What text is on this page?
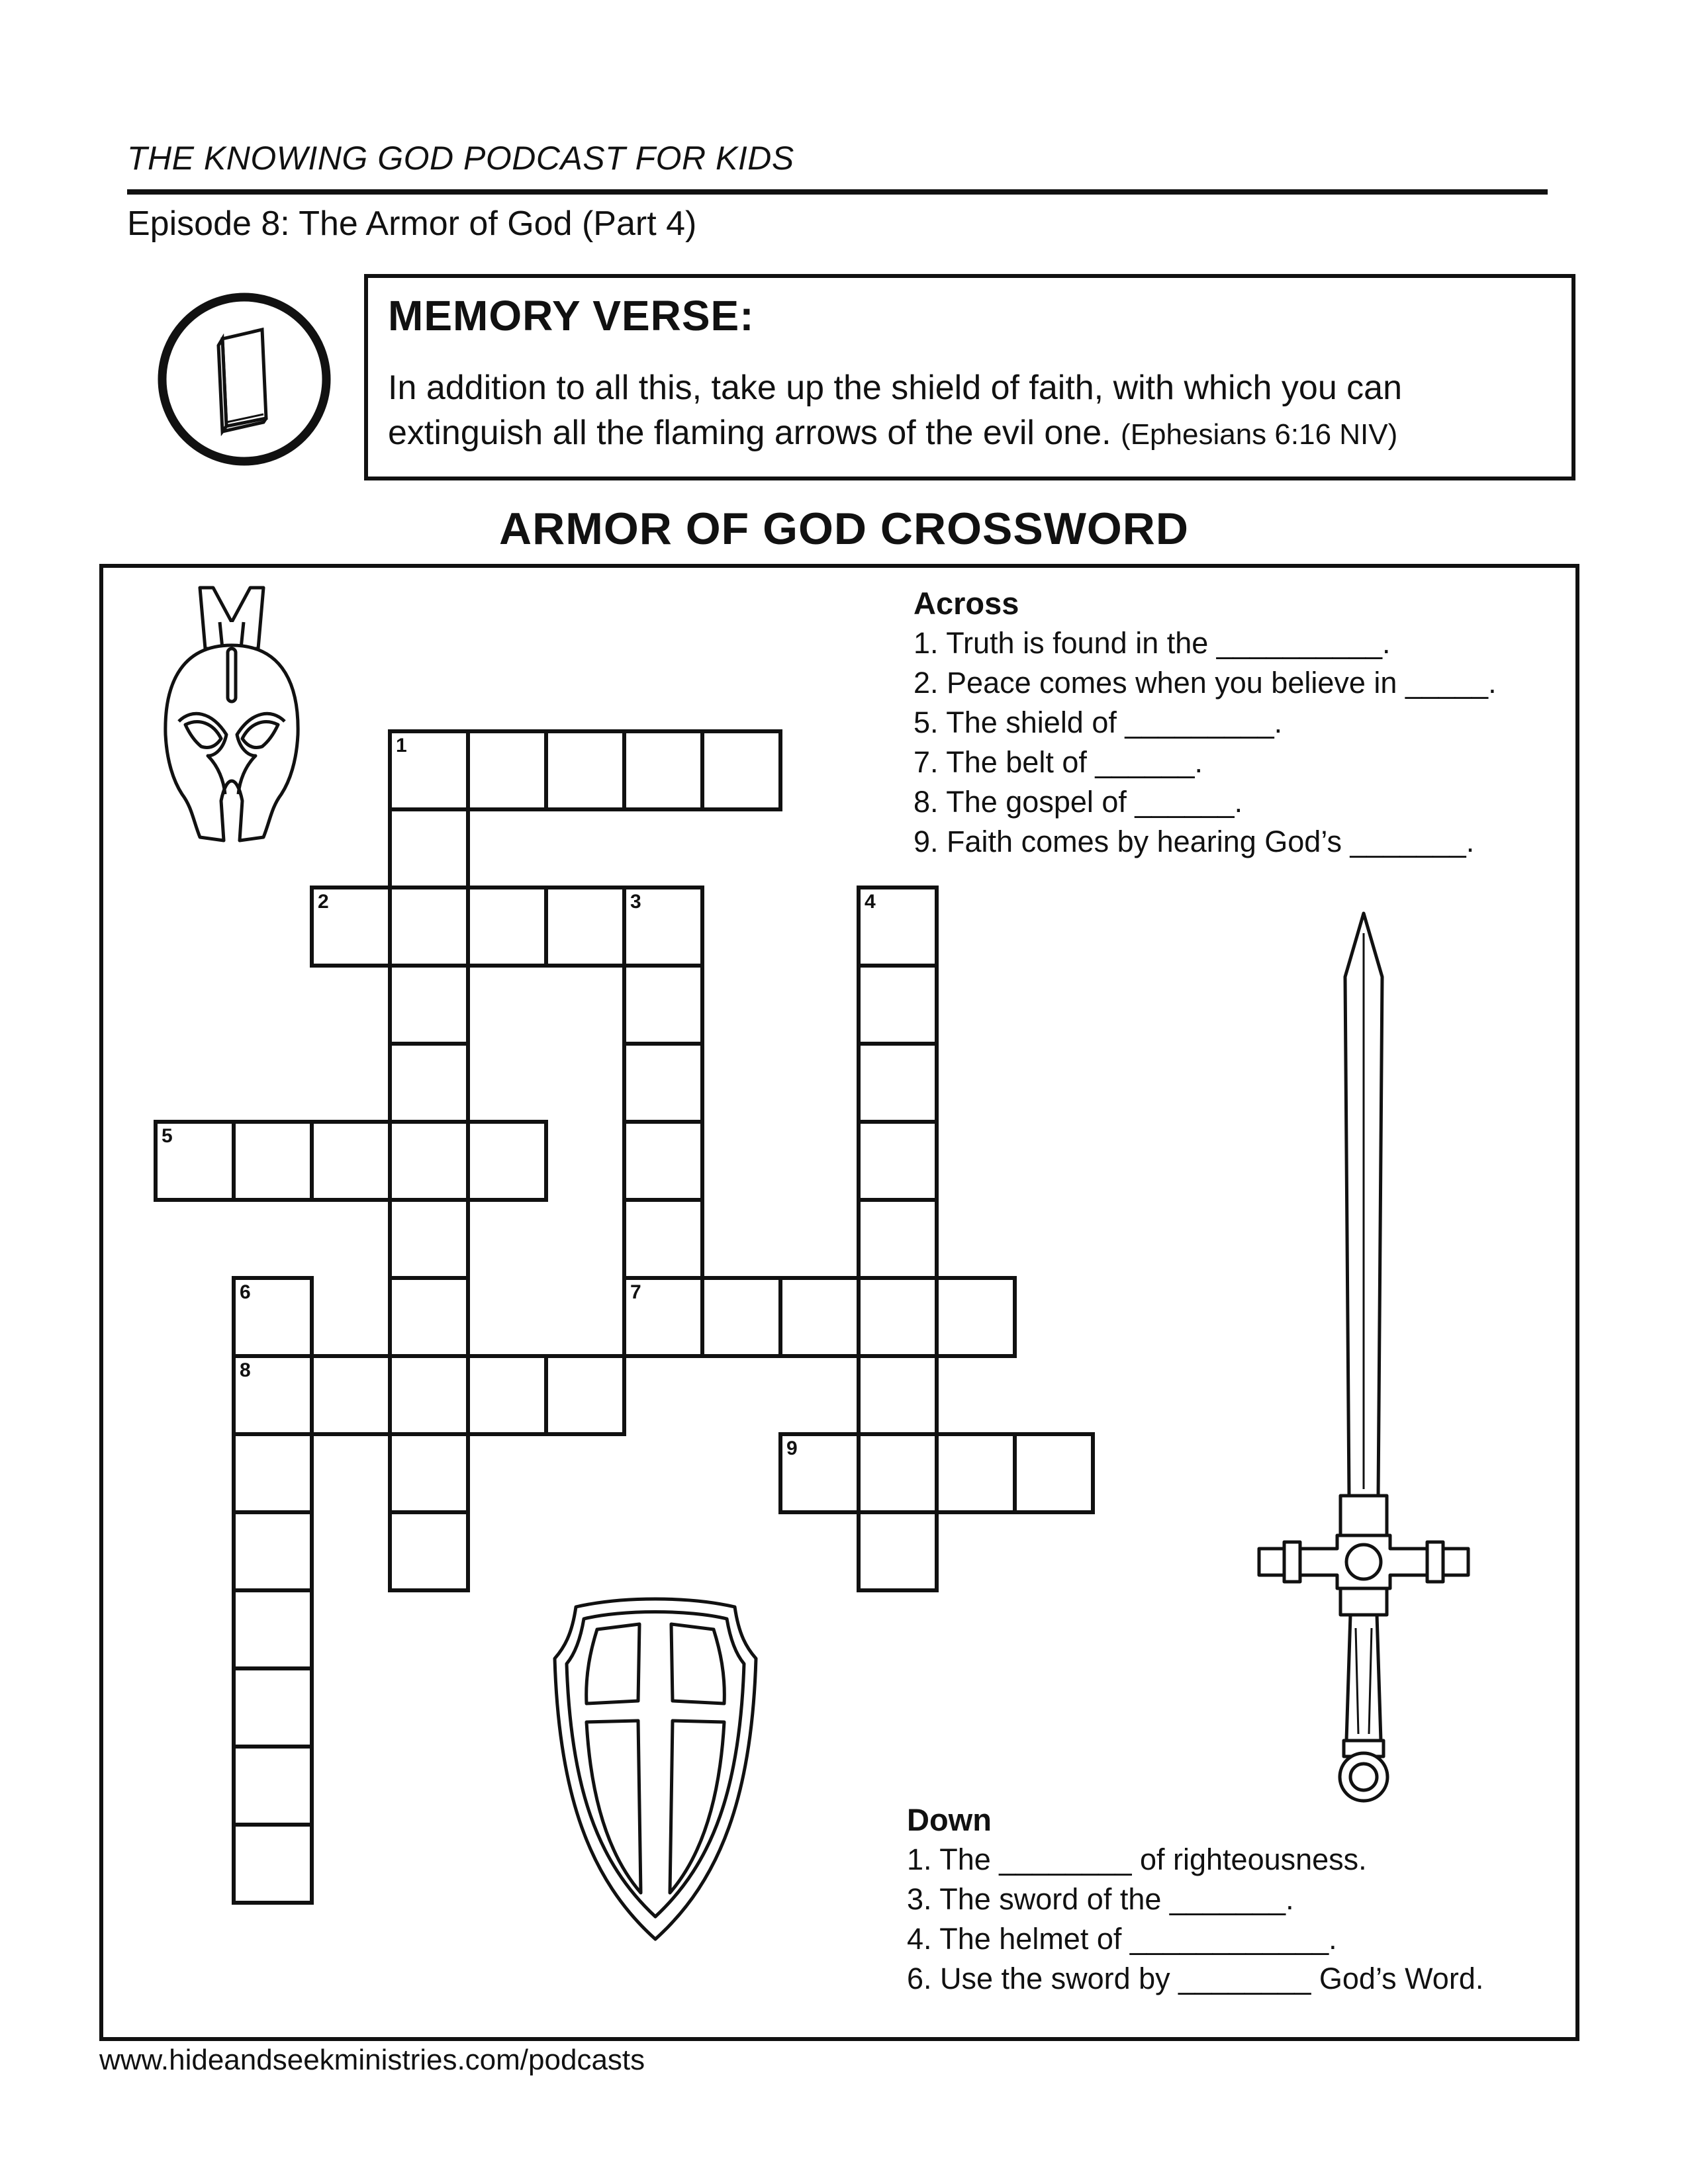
THE KNOWING GOD PODCAST FOR KIDS
Episode 8: The Armor of God (Part 4)
MEMORY VERSE:
In addition to all this, take up the shield of faith, with which you can
extinguish all the flaming arrows of the evil one. (Ephesians 6:16 NIV)
ARMOR OF GOD CROSSWORD
1
2	3
7
4
5
6
8
9
Across
1. Truth is found in the __________.
2. Peace comes when you believe in _____.
5. The shield of _________.
7. The belt of ______.
8. The gospel of ______.
9. Faith comes by hearing God’s _______.
Down
1. The ________ of righteousness.
3. The sword of the _______.
4. The helmet of ____________.
6. Use the sword by ________ God’s Word.
www.hideandseekministries.com/podcasts
